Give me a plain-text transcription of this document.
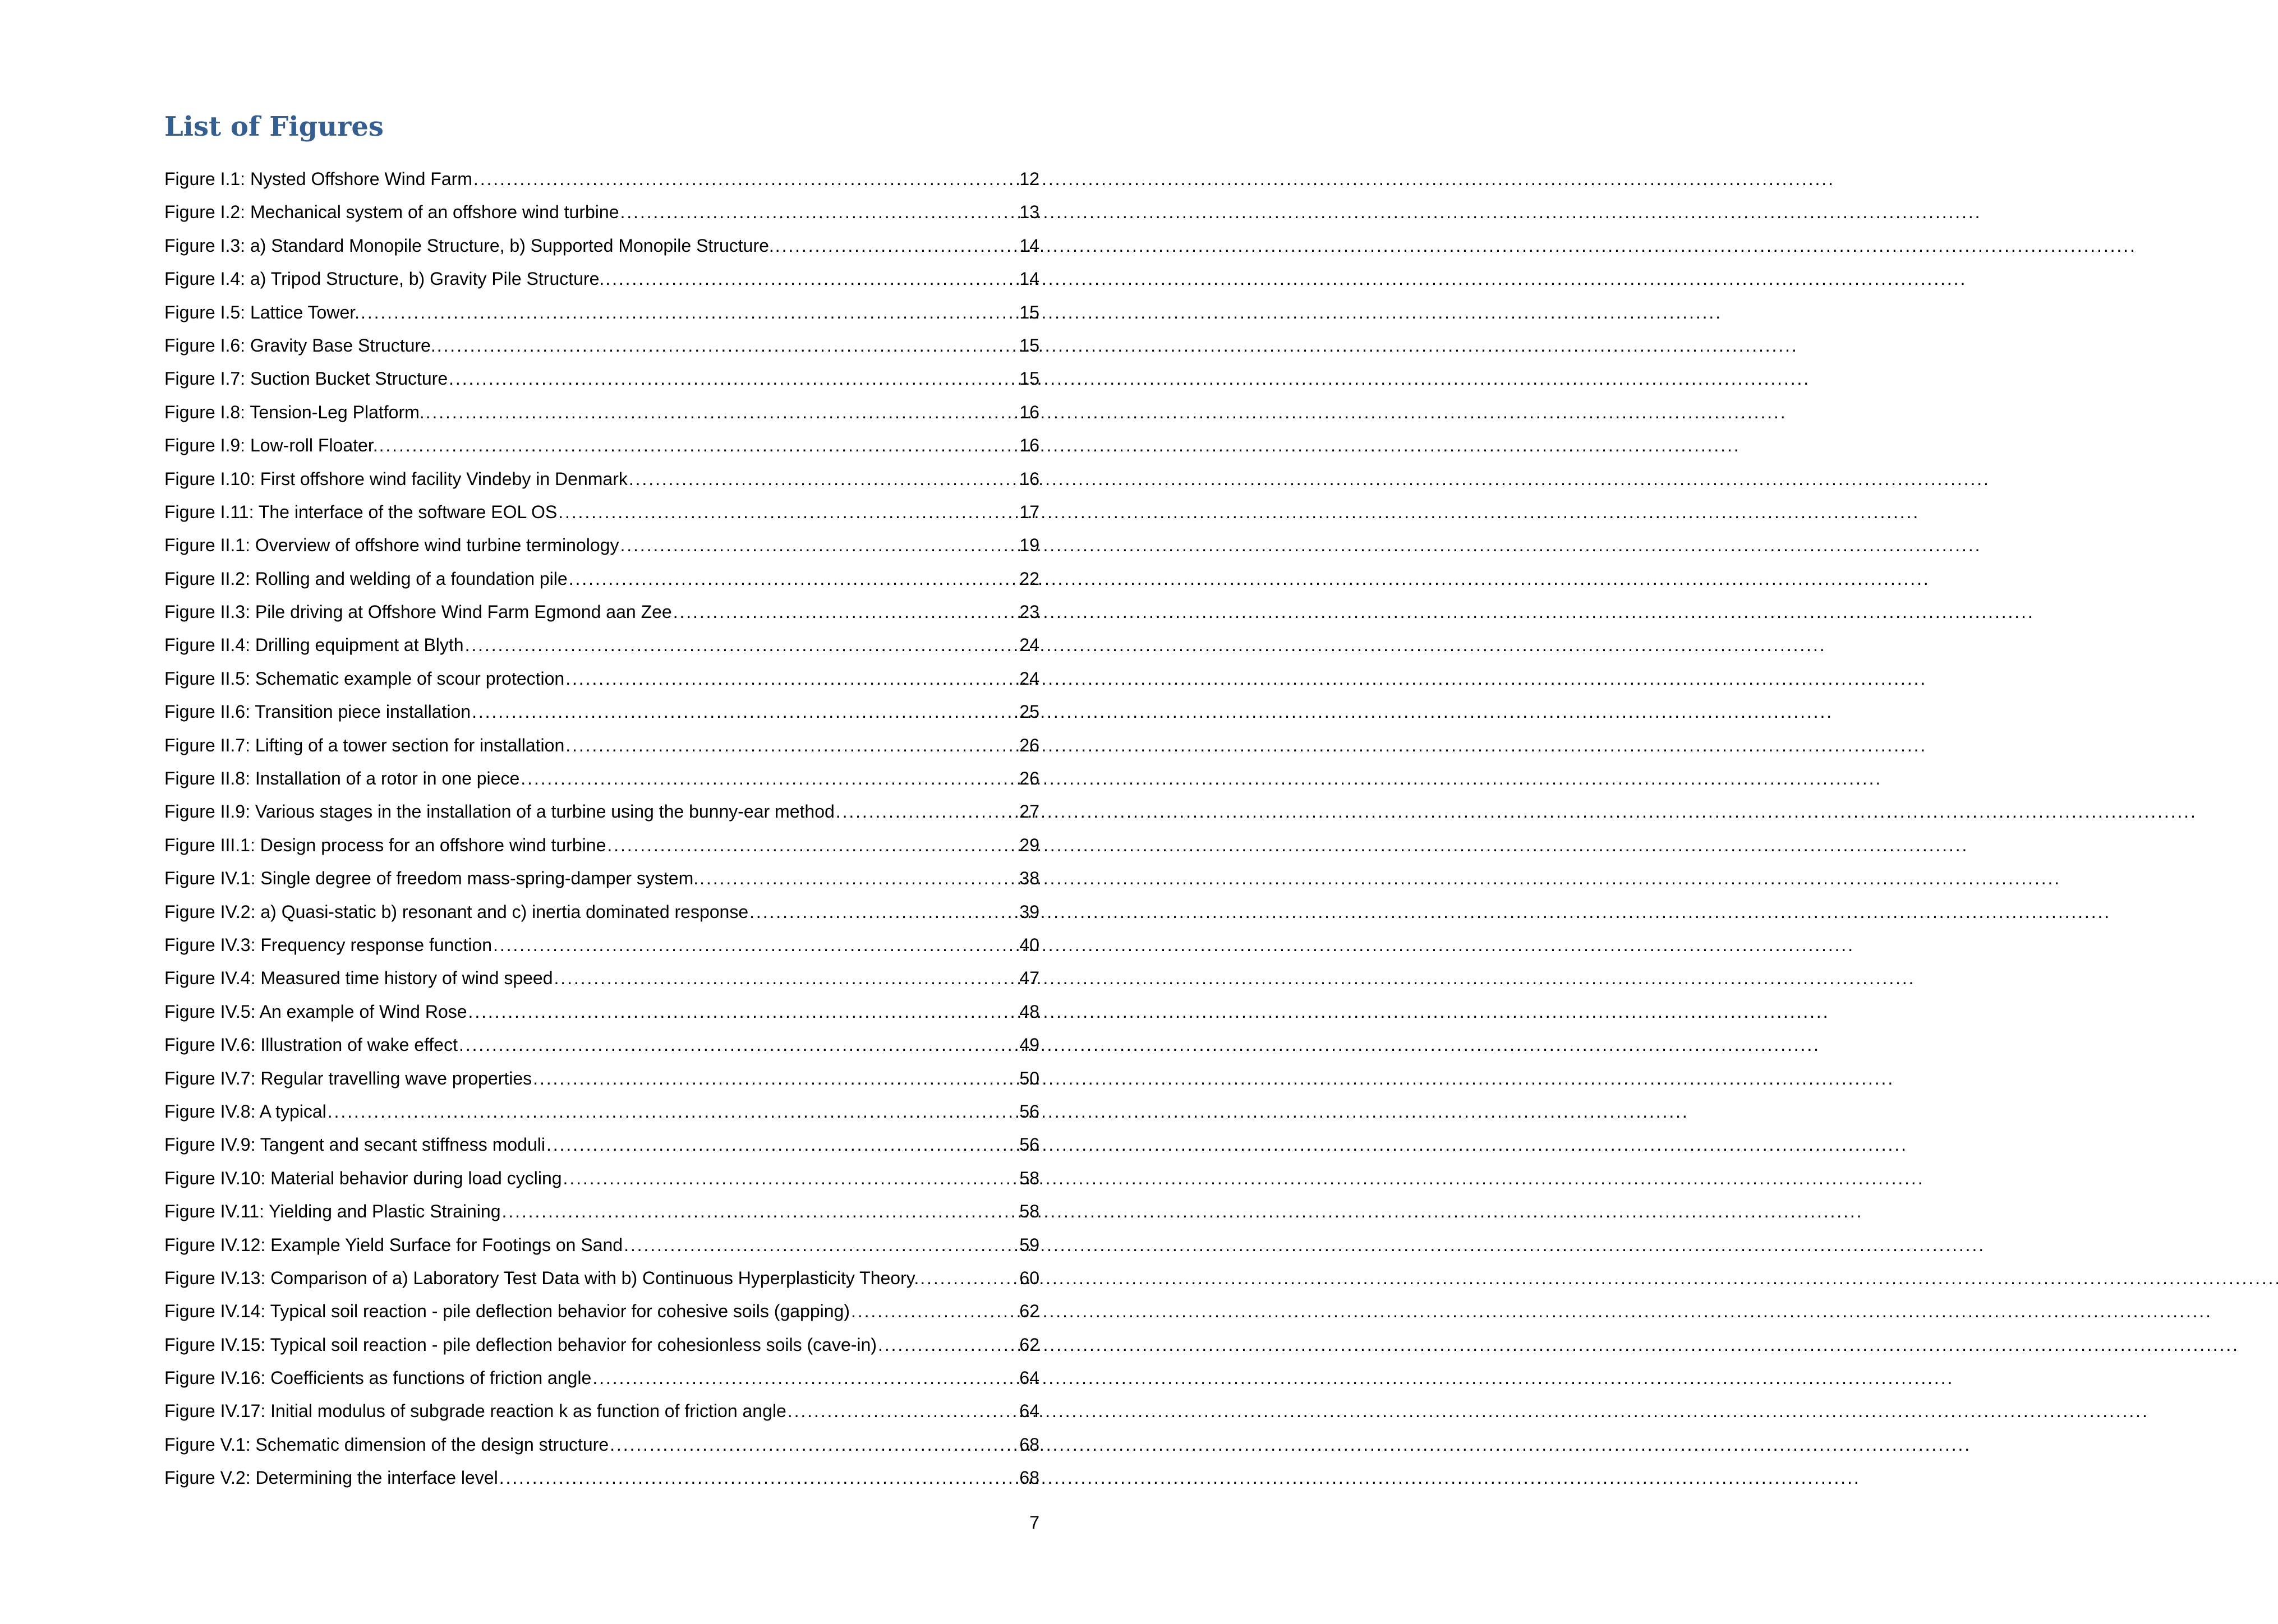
List of Figures
Figure I.1: Nysted Offshore Wind Farm . . .	12
Figure I.2: Mechanical system of an offshore wind turbine . . .	13
Figure I.3: a) Standard Monopile Structure, b) Supported Monopile Structure. . . .	14
Figure I.4: a) Tripod Structure, b) Gravity Pile Structure. . . .	14
Figure I.5: Lattice Tower. . . .	15
Figure I.6: Gravity Base Structure. . . .	15
Figure I.7: Suction Bucket Structure . . .	15
Figure I.8: Tension-Leg Platform. . . .	16
Figure I.9: Low-roll Floater. . . .	16
Figure I.10: First offshore wind facility Vindeby in Denmark . . .	16
Figure I.11: The interface of the software EOL OS . . .	17
Figure II.1: Overview of offshore wind turbine terminology . . .	19
Figure II.2: Rolling and welding of a foundation pile . . .	22
Figure II.3: Pile driving at Offshore Wind Farm Egmond aan Zee . . .	23
Figure II.4: Drilling equipment at Blyth . . .	24
Figure II.5: Schematic example of scour protection . . .	24
Figure II.6: Transition piece installation . . .	25
Figure II.7: Lifting of a tower section for installation . . .	26
Figure II.8: Installation of a rotor in one piece . . .	26
Figure II.9: Various stages in the installation of a turbine using the bunny-ear method . . .	27
Figure III.1: Design process for an offshore wind turbine . . .	29
Figure IV.1: Single degree of freedom mass-spring-damper system. . . .	38
Figure IV.2: a) Quasi-static b) resonant and c) inertia dominated response . . .	39
Figure IV.3: Frequency response function . . .	40
Figure IV.4: Measured time history of wind speed . . .	47
Figure IV.5: An example of Wind Rose . . .	48
Figure IV.6: Illustration of wake effect . . .	49
Figure IV.7: Regular travelling wave properties . . .	50
Figure IV.8: A typical . . .	56
Figure IV.9: Tangent and secant stiffness moduli . . .	56
Figure IV.10: Material behavior during load cycling . . .	58
Figure IV.11: Yielding and Plastic Straining . . .	58
Figure IV.12: Example Yield Surface for Footings on Sand . . .	59
Figure IV.13: Comparison of a) Laboratory Test Data with b) Continuous Hyperplasticity Theory. . . .	60
Figure IV.14: Typical soil reaction - pile deflection behavior for cohesive soils (gapping) . . .	62
Figure IV.15: Typical soil reaction - pile deflection behavior for cohesionless soils (cave-in) . . .	62
Figure IV.16: Coefficients as functions of friction angle . . .	64
Figure IV.17: Initial modulus of subgrade reaction k as function of friction angle . . .	64
Figure V.1: Schematic dimension of the design structure . . .	68
Figure V.2: Determining the interface level . . .	68
7
